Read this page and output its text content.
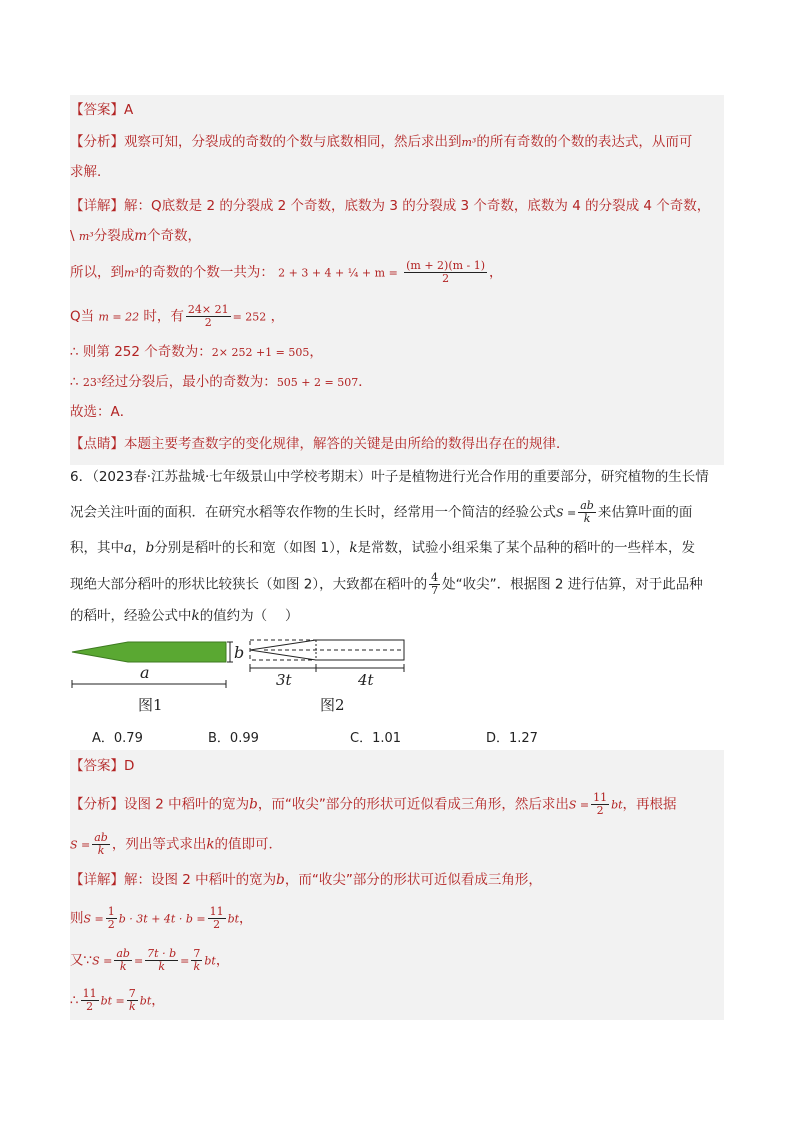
【答案】A
【分析】观察可知，分裂成的奇数的个数与底数相同，然后求出到m³的所有奇数的个数的表达式，从而可
求解．
【详解】解：Q底数是 2 的分裂成 2 个奇数，底数为 3 的分裂成 3 个奇数，底数为 4 的分裂成 4 个奇数，
\ m³分裂成m个奇数，
所以，到m³的奇数的个数一共为： 2 + 3 + 4 + ¼ + $m = \frac{(m + 2)(m - 1)}{2}$ ，
Q当 m = 22 时，有 $\frac{24\times 21}{2} = 252$ ，
∴ 则第 252 个奇数为：2× 252 +1 = 505，
∴ 23³经过分裂后，最小的奇数为：505 + 2 = 507．
故选：A．
【点睛】本题主要考查数字的变化规律，解答的关键是由所给的数得出存在的规律．
6．（2023春·江苏盐城·七年级景山中学校考期末）叶子是植物进行光合作用的重要部分，研究植物的生长情
况会关注叶面的面积．在研究水稻等农作物的生长时，经常用一个简洁的经验公式$S = \frac{ab}{k}$ 来估算叶面的面
积，其中a，b分别是稻叶的长和宽（如图 1），k是常数，试验小组采集了某个品种的稻叶的一些样本，发
现绝大部分稻叶的形状比较狭长（如图 2），大致都在稻叶的 $\frac{4}{7}$ 处“收尖”．根据图 2 进行估算，对于此品种
的稻叶，经验公式中k的值约为（　 ）
b
a	3t	4t
图1	图2
A．0.79	B．0.99	C．1.01	D．1.27
【答案】D
【分析】设图 2 中稻叶的宽为b，而“收尖”部分的形状可近似看成三角形，然后求出$S = \frac{11}{2}$ bt，再根据
$S = \frac{ab}{k}$ ，列出等式求出k的值即可．
【详解】解：设图 2 中稻叶的宽为b，而“收尖”部分的形状可近似看成三角形，
则$S = \frac{1}{2}$ $b \cdot 3t + 4t \cdot b = \frac{11}{2}$ bt，
又∵S = $\frac{ab}{k} = \frac{7t \cdot b}{k} = \frac{7}{k}$ bt，
∴ $\frac{11}{2}$ bt = $\frac{7}{k}$ bt，
